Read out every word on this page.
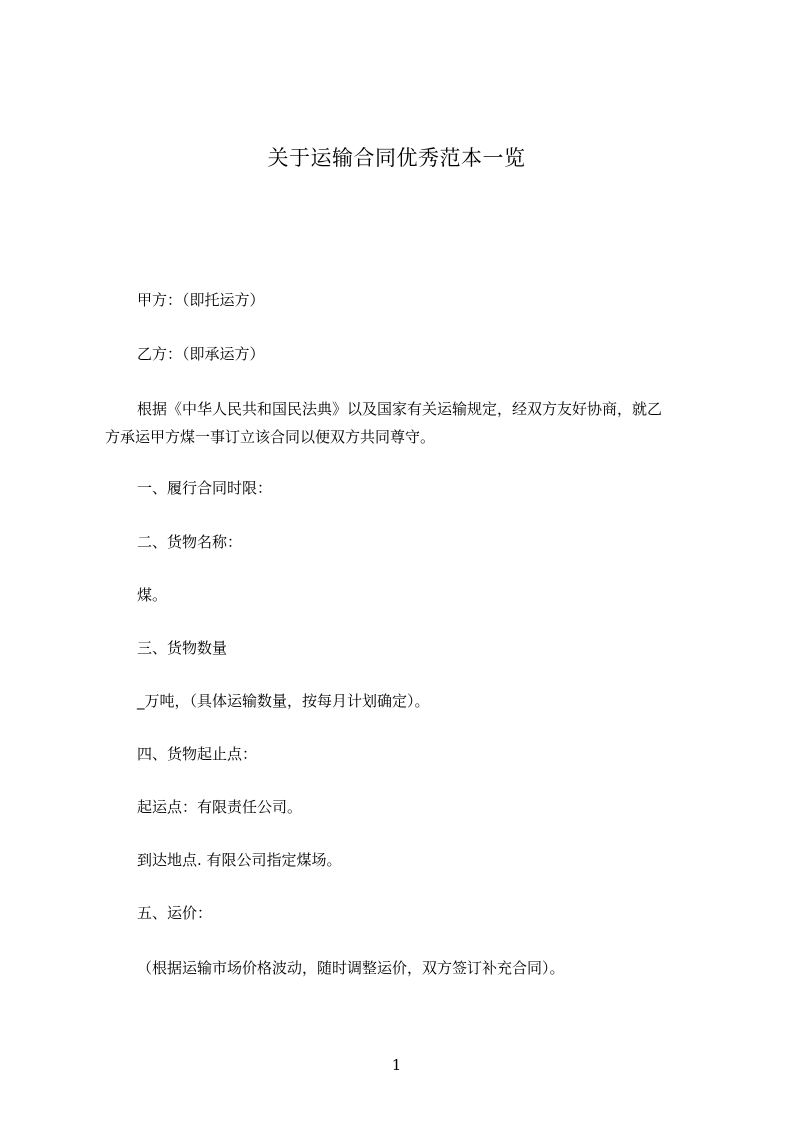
关于运输合同优秀范本一览
甲方：（即托运方）
乙方：（即承运方）
根据《中华人民共和国民法典》以及国家有关运输规定，经双方友好协商，就乙
方承运甲方煤一事订立该合同以便双方共同尊守。
一、履行合同时限：
二、货物名称：
煤。
三、货物数量
_万吨，（具体运输数量，按每月计划确定）。
四、货物起止点：
起运点：有限责任公司。
到达地点. 有限公司指定煤场。
五、运价：
（根据运输市场价格波动，随时调整运价，双方签订补充合同）。
1
